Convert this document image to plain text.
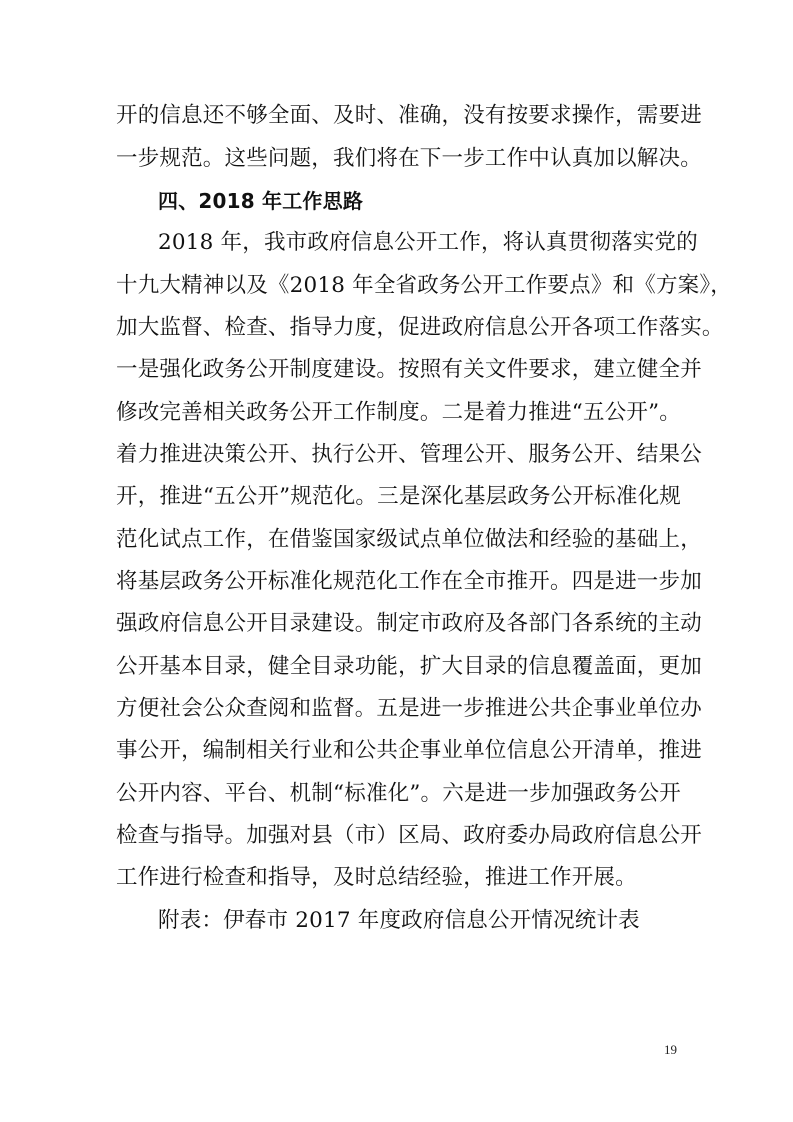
开的信息还不够全面、及时、准确，没有按要求操作，需要进
一步规范。这些问题，我们将在下一步工作中认真加以解决。
四、2018 年工作思路
2018 年，我市政府信息公开工作，将认真贯彻落实党的
十九大精神以及《2018 年全省政务公开工作要点》和《方案》，
加大监督、检查、指导力度，促进政府信息公开各项工作落实。
一是强化政务公开制度建设。按照有关文件要求，建立健全并
修改完善相关政务公开工作制度。二是着力推进“五公开”。
着力推进决策公开、执行公开、管理公开、服务公开、结果公
开，推进“五公开”规范化。三是深化基层政务公开标准化规
范化试点工作，在借鉴国家级试点单位做法和经验的基础上，
将基层政务公开标准化规范化工作在全市推开。四是进一步加
强政府信息公开目录建设。制定市政府及各部门各系统的主动
公开基本目录，健全目录功能，扩大目录的信息覆盖面，更加
方便社会公众查阅和监督。五是进一步推进公共企事业单位办
事公开，编制相关行业和公共企事业单位信息公开清单，推进
公开内容、平台、机制“标准化”。六是进一步加强政务公开
检查与指导。加强对县（市）区局、政府委办局政府信息公开
工作进行检查和指导，及时总结经验，推进工作开展。
附表：伊春市 2017 年度政府信息公开情况统计表
19
